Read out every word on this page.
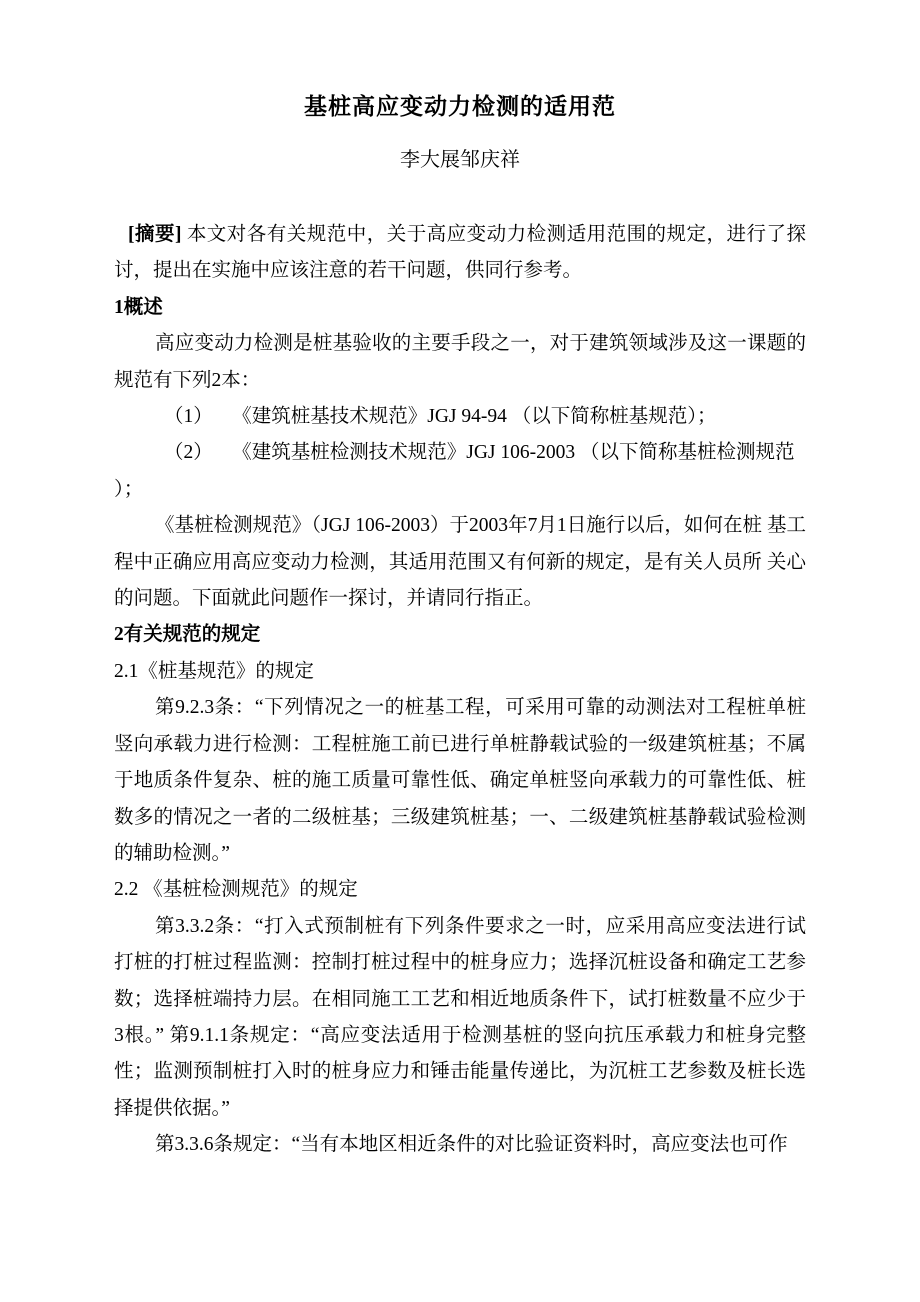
基桩高应变动力检测的适用范
李大展邹庆祥

[摘要] 本文对各有关规范中，关于高应变动力检测适用范围的规定，进行了探讨，提出在实施中应该注意的若干问题，供同行参考。

1概述

高应变动力检测是桩基验收的主要手段之一，对于建筑领域涉及这一课题的规范有下列2本：

（1）　　《建筑桩基技术规范》JGJ 94-94 （以下简称桩基规范）；

（2）　　《建筑基桩检测技术规范》JGJ 106-2003 （以下简称基桩检测规范

）；

《基桩检测规范》（JGJ 106-2003）于2003年7月1日施行以后，如何在桩 基工程中正确应用高应变动力检测，其适用范围又有何新的规定，是有关人员所 关心的问题。下面就此问题作一探讨，并请同行指正。

2有关规范的规定

2.1《桩基规范》的规定

第9.2.3条：“下列情况之一的桩基工程，可采用可靠的动测法对工程桩单桩竖向承载力进行检测：工程桩施工前已进行单桩静载试验的一级建筑桩基；不属于地质条件复杂、桩的施工质量可靠性低、确定单桩竖向承载力的可靠性低、桩数多的情况之一者的二级桩基；三级建筑桩基；一、二级建筑桩基静载试验检测的辅助检测。”

2.2 《基桩检测规范》的规定

第3.3.2条：“打入式预制桩有下列条件要求之一时，应采用高应变法进行试打桩的打桩过程监测：控制打桩过程中的桩身应力；选择沉桩设备和确定工艺参数；选择桩端持力层。在相同施工工艺和相近地质条件下，试打桩数量不应少于3根。” 第9.1.1条规定：“高应变法适用于检测基桩的竖向抗压承载力和桩身完整性；监测预制桩打入时的桩身应力和锤击能量传递比，为沉桩工艺参数及桩长选择提供依据。”

第3.3.6条规定：“当有本地区相近条件的对比验证资料时，高应变法也可作
